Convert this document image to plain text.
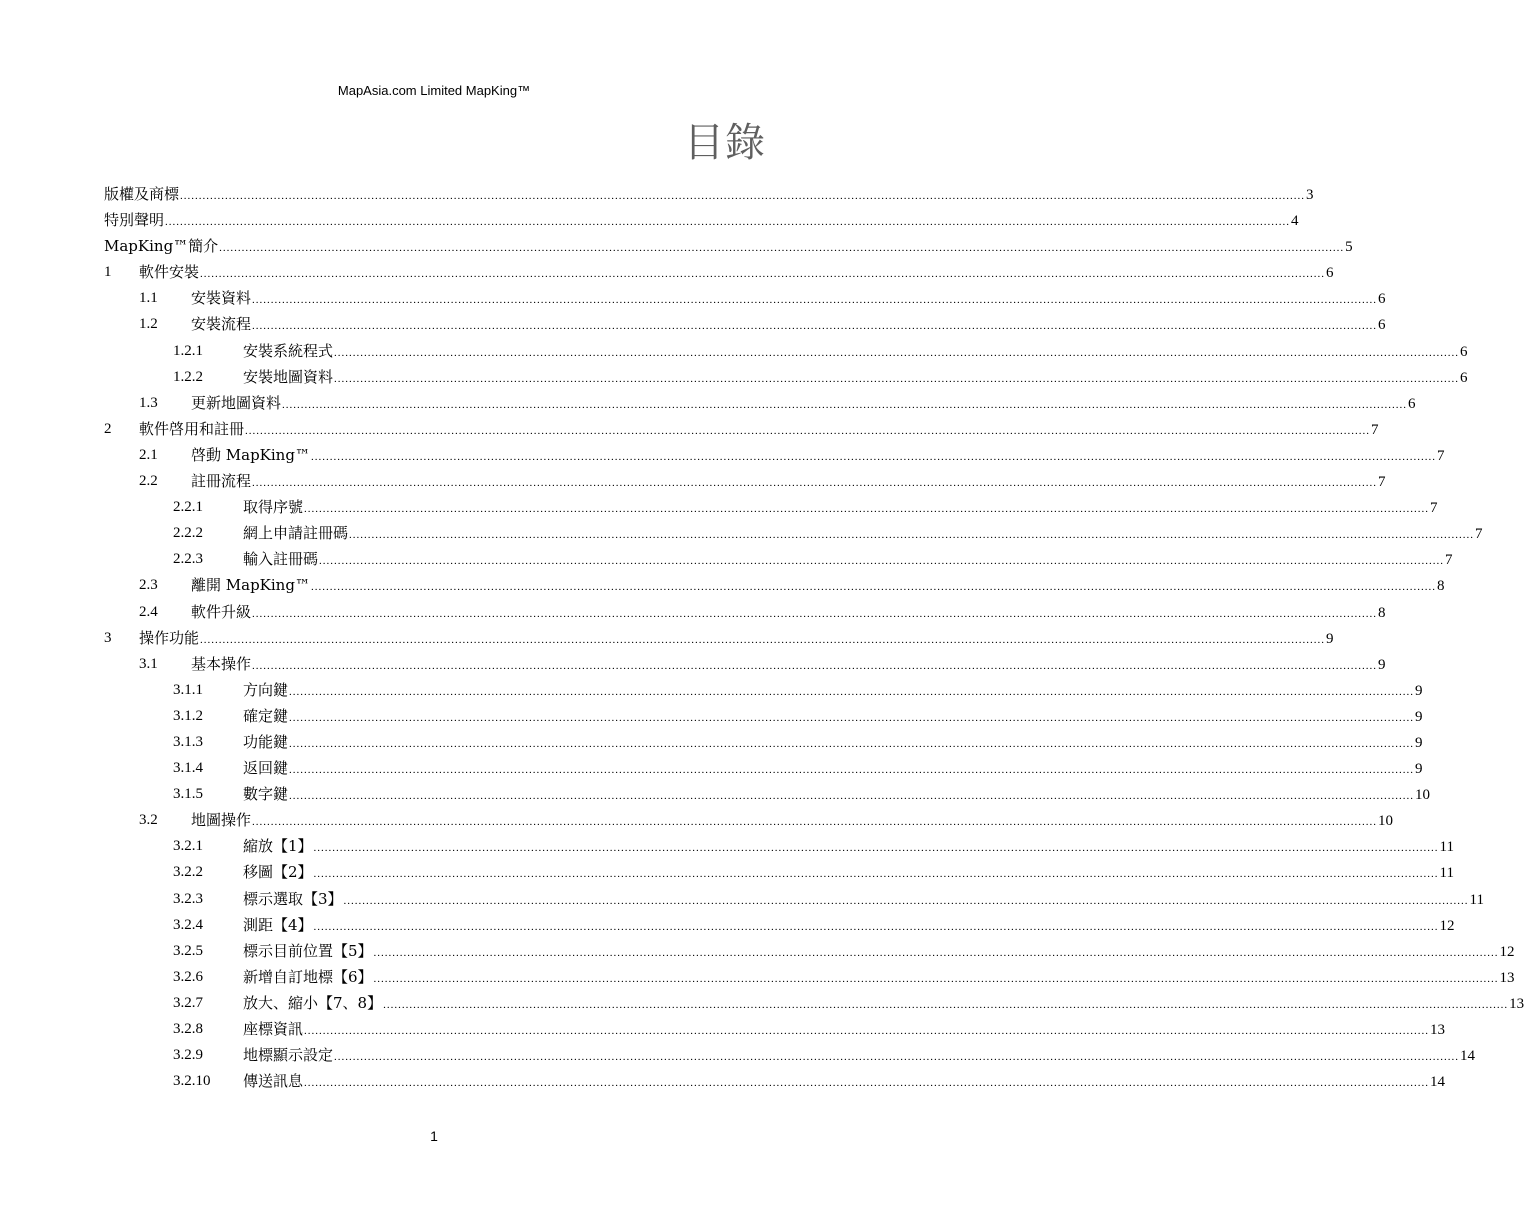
MapAsia.com Limited MapKing™
目錄
版權及商標 ............................................................................................................................................................................................................................................................................................................ 3
特別聲明 ............................................................................................................................................................................................................................................................................................................ 4
MapKing™簡介 ............................................................................................................................................................................................................................................................................................................ 5
1 軟件安裝 ............................................................................................................................................................................................................................................................................................................ 6
1.1 安裝資料 ............................................................................................................................................................................................................................................................................................................ 6
1.2 安裝流程 ............................................................................................................................................................................................................................................................................................................ 6
1.2.1	安裝系統程式 ............................................................................................................................................................................................................................................................................................................ 6
1.2.2	安裝地圖資料 ............................................................................................................................................................................................................................................................................................................ 6
1.3 更新地圖資料 ............................................................................................................................................................................................................................................................................................................ 6
2 軟件啓用和註冊 ............................................................................................................................................................................................................................................................................................................ 7
2.1 啓動 MapKing™ ............................................................................................................................................................................................................................................................................................................ 7
2.2 註冊流程 ............................................................................................................................................................................................................................................................................................................ 7
2.2.1	取得序號 ............................................................................................................................................................................................................................................................................................................ 7
2.2.2	網上申請註冊碼 ............................................................................................................................................................................................................................................................................................................ 7
2.2.3	輸入註冊碼 ............................................................................................................................................................................................................................................................................................................ 7
2.3 離開 MapKing™ ............................................................................................................................................................................................................................................................................................................ 8
2.4 軟件升級 ............................................................................................................................................................................................................................................................................................................ 8
3 操作功能 ............................................................................................................................................................................................................................................................................................................ 9
3.1 基本操作 ............................................................................................................................................................................................................................................................................................................ 9
3.1.1	方向鍵 ............................................................................................................................................................................................................................................................................................................ 9
3.1.2	確定鍵 ............................................................................................................................................................................................................................................................................................................ 9
3.1.3	功能鍵 ............................................................................................................................................................................................................................................................................................................ 9
3.1.4	返回鍵 ............................................................................................................................................................................................................................................................................................................ 9
3.1.5	數字鍵 ............................................................................................................................................................................................................................................................................................................ 10
3.2 地圖操作 ............................................................................................................................................................................................................................................................................................................ 10
3.2.1	縮放【1】 ............................................................................................................................................................................................................................................................................................................ 11
3.2.2	移圖【2】 ............................................................................................................................................................................................................................................................................................................ 11
3.2.3	標示選取【3】 ............................................................................................................................................................................................................................................................................................................ 11
3.2.4	測距【4】 ............................................................................................................................................................................................................................................................................................................ 12
3.2.5	標示目前位置【5】 ............................................................................................................................................................................................................................................................................................................ 12
3.2.6	新增自訂地標【6】 ............................................................................................................................................................................................................................................................................................................ 13
3.2.7	放大、縮小【7、8】 ............................................................................................................................................................................................................................................................................................................ 13
3.2.8	座標資訊 ............................................................................................................................................................................................................................................................................................................ 13
3.2.9	地標顯示設定 ............................................................................................................................................................................................................................................................................................................ 14
3.2.10 傳送訊息 ............................................................................................................................................................................................................................................................................................................ 14
1
